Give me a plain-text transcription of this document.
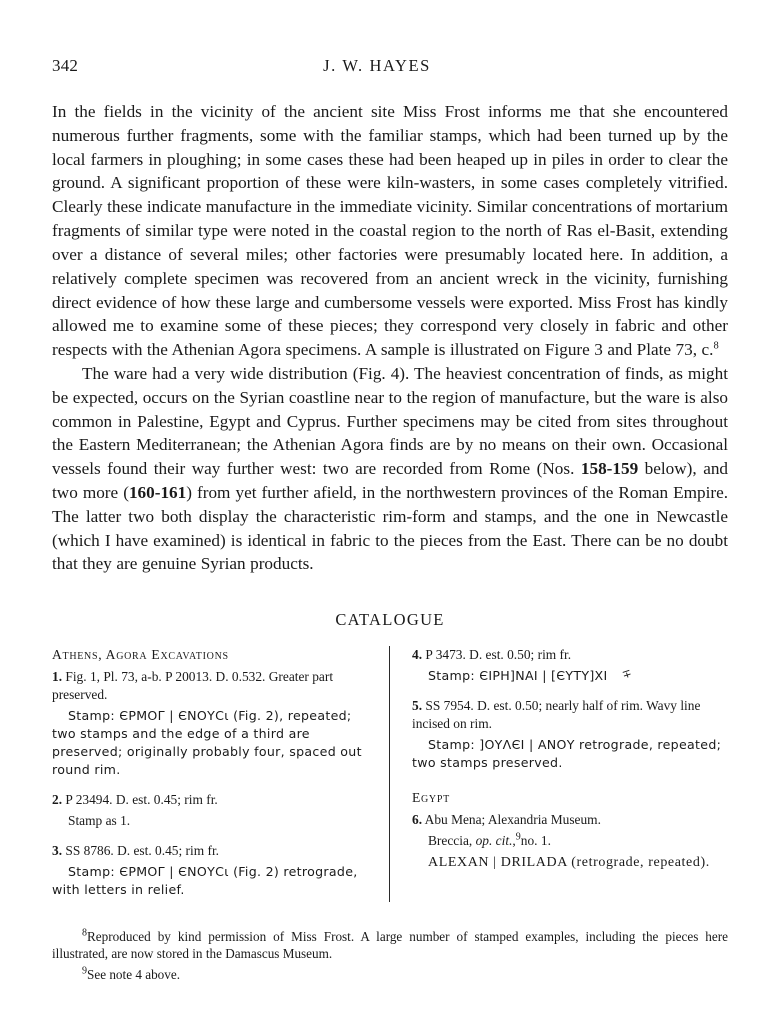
342	J. W. HAYES

In the fields in the vicinity of the ancient site Miss Frost informs me that she encountered numerous further fragments, some with the familiar stamps, which had been turned up by the local farmers in ploughing; in some cases these had been heaped up in piles in order to clear the ground. A significant proportion of these were kiln-wasters, in some cases completely vitrified. Clearly these indicate manufacture in the immediate vicinity. Similar concentrations of mortarium fragments of similar type were noted in the coastal region to the north of Ras el-Basit, extending over a distance of several miles; other factories were presumably located here. In addition, a relatively complete specimen was recovered from an ancient wreck in the vicinity, furnishing direct evidence of how these large and cumbersome vessels were exported. Miss Frost has kindly allowed me to examine some of these pieces; they correspond very closely in fabric and other respects with the Athenian Agora specimens. A sample is illustrated on Figure 3 and Plate 73, c.$^8$

The ware had a very wide distribution (Fig. 4). The heaviest concentration of finds, as might be expected, occurs on the Syrian coastline near to the region of manufacture, but the ware is also common in Palestine, Egypt and Cyprus. Further specimens may be cited from sites throughout the Eastern Mediterranean; the Athenian Agora finds are by no means on their own. Occasional vessels found their way further west: two are recorded from Rome (Nos. 158-159 below), and two more (160-161) from yet further afield, in the northwestern provinces of the Roman Empire. The latter two both display the characteristic rim-form and stamps, and the one in Newcastle (which I have examined) is identical in fabric to the pieces from the East. There can be no doubt that they are genuine Syrian products.

CATALOGUE
Athens, Agora Excavations
1. Fig. 1, Pl. 73, a-b. P 20013. D. 0.532. Greater part preserved.
Stamp: ЄΡΜΟΓ | ЄΝΟΥϹι (Fig. 2), repeated; two stamps and the edge of a third are preserved; originally probably four, spaced out round rim.
2. P 23494. D. est. 0.45; rim fr.
Stamp as 1.
3. SS 8786. D. est. 0.45; rim fr.
Stamp: ЄΡΜΟΓ | ЄΝΟΥϹι (Fig. 2) retrograde, with letters in relief.
4. P 3473. D. est. 0.50; rim fr.
Stamp: ЄΙΡΗ]ΝΑΙ | [ЄΥΤΥ]ΧΙ ∓
5. SS 7954. D. est. 0.50; nearly half of rim. Wavy line incised on rim.
Stamp: ]ΟΥΛЄΙ | ΑΝΟΥ retrograde, repeated; two stamps preserved.
Egypt
6. Abu Mena; Alexandria Museum.
Breccia, op. cit.,$^9$no. 1.
ALEXAN | DRILADA (retrograde, repeated).
$^8$Reproduced by kind permission of Miss Frost. A large number of stamped examples, including the pieces here illustrated, are now stored in the Damascus Museum.
$^9$See note 4 above.
